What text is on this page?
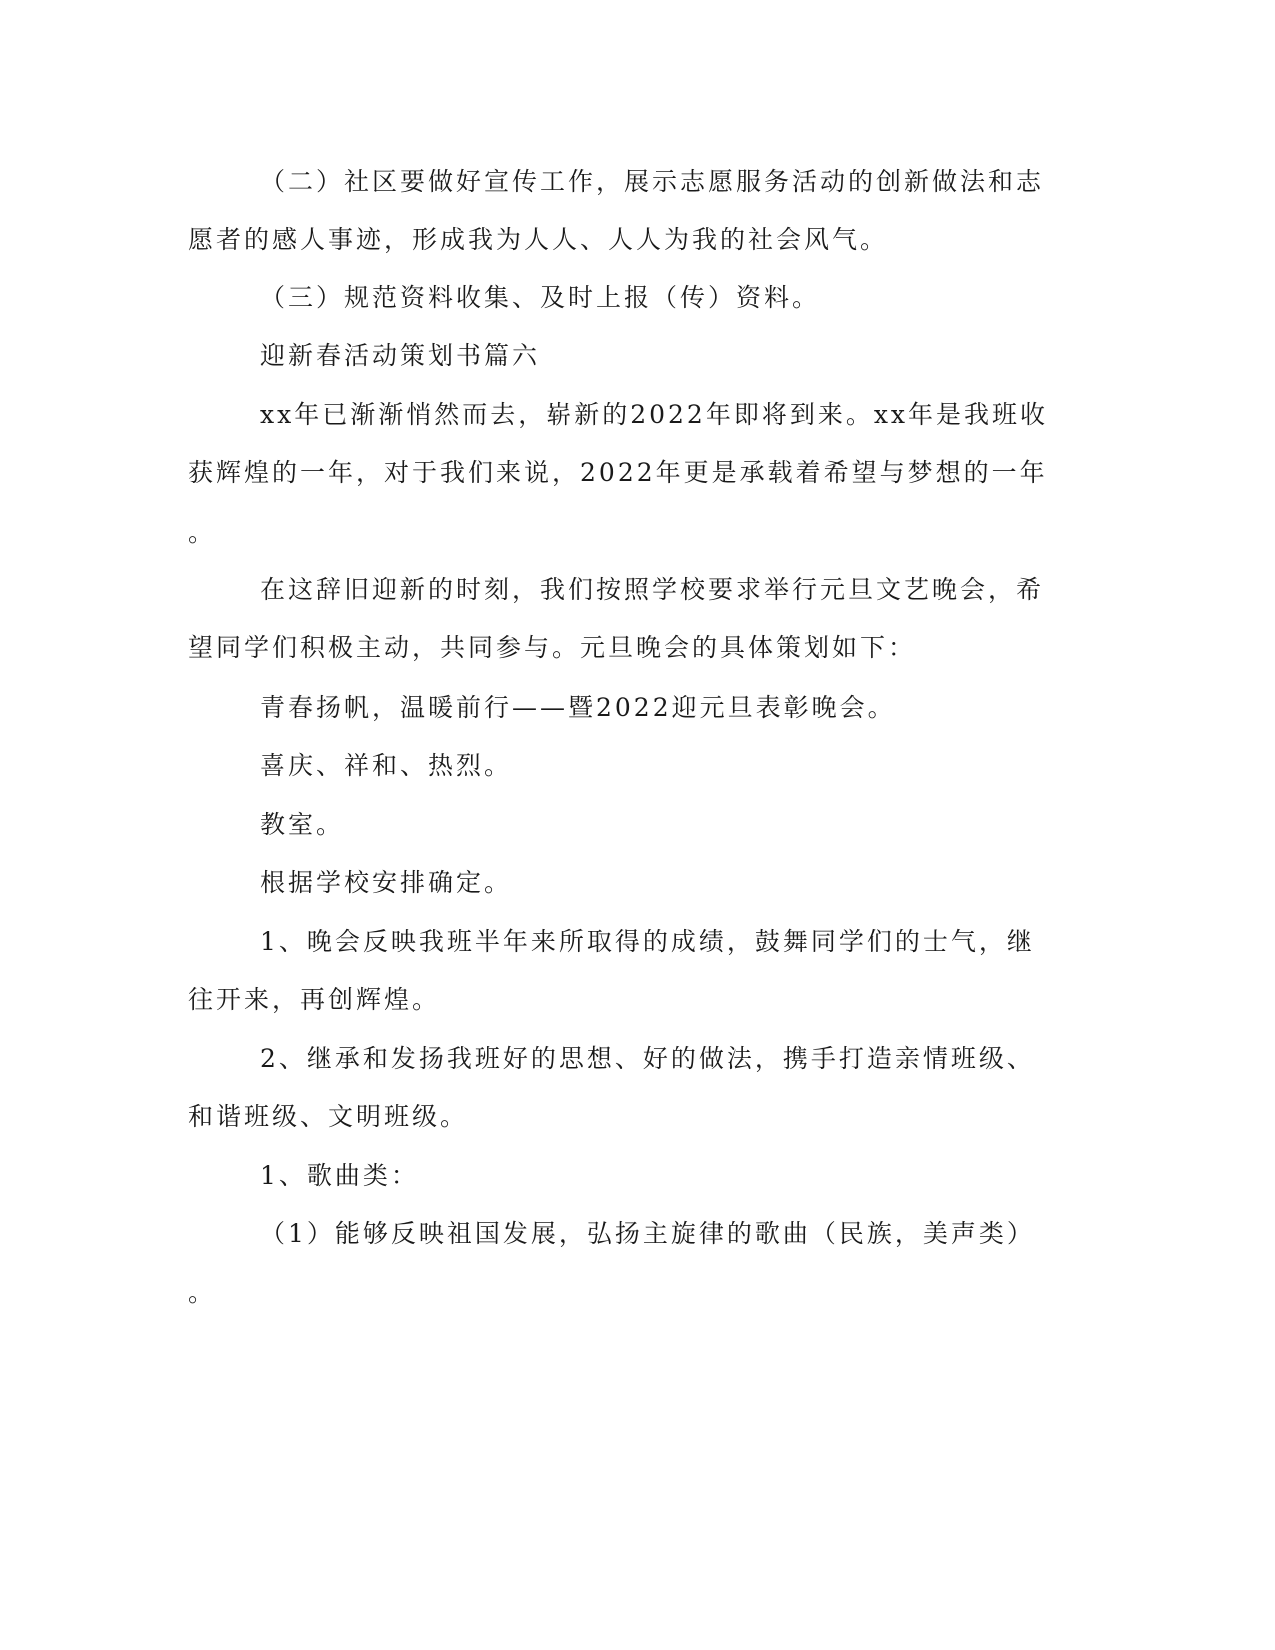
（二）社区要做好宣传工作，展示志愿服务活动的创新做法和志
愿者的感人事迹，形成我为人人、人人为我的社会风气。
（三）规范资料收集、及时上报（传）资料。
迎新春活动策划书篇六
xx年已渐渐悄然而去，崭新的2022年即将到来。xx年是我班收
获辉煌的一年，对于我们来说，2022年更是承载着希望与梦想的一年
。
在这辞旧迎新的时刻，我们按照学校要求举行元旦文艺晚会，希
望同学们积极主动，共同参与。元旦晚会的具体策划如下：
青春扬帆，温暖前行——暨2022迎元旦表彰晚会。
喜庆、祥和、热烈。
教室。
根据学校安排确定。
1、晚会反映我班半年来所取得的成绩，鼓舞同学们的士气，继
往开来，再创辉煌。
2、继承和发扬我班好的思想、好的做法，携手打造亲情班级、
和谐班级、文明班级。
1、歌曲类：
（1）能够反映祖国发展，弘扬主旋律的歌曲（民族，美声类）
。
